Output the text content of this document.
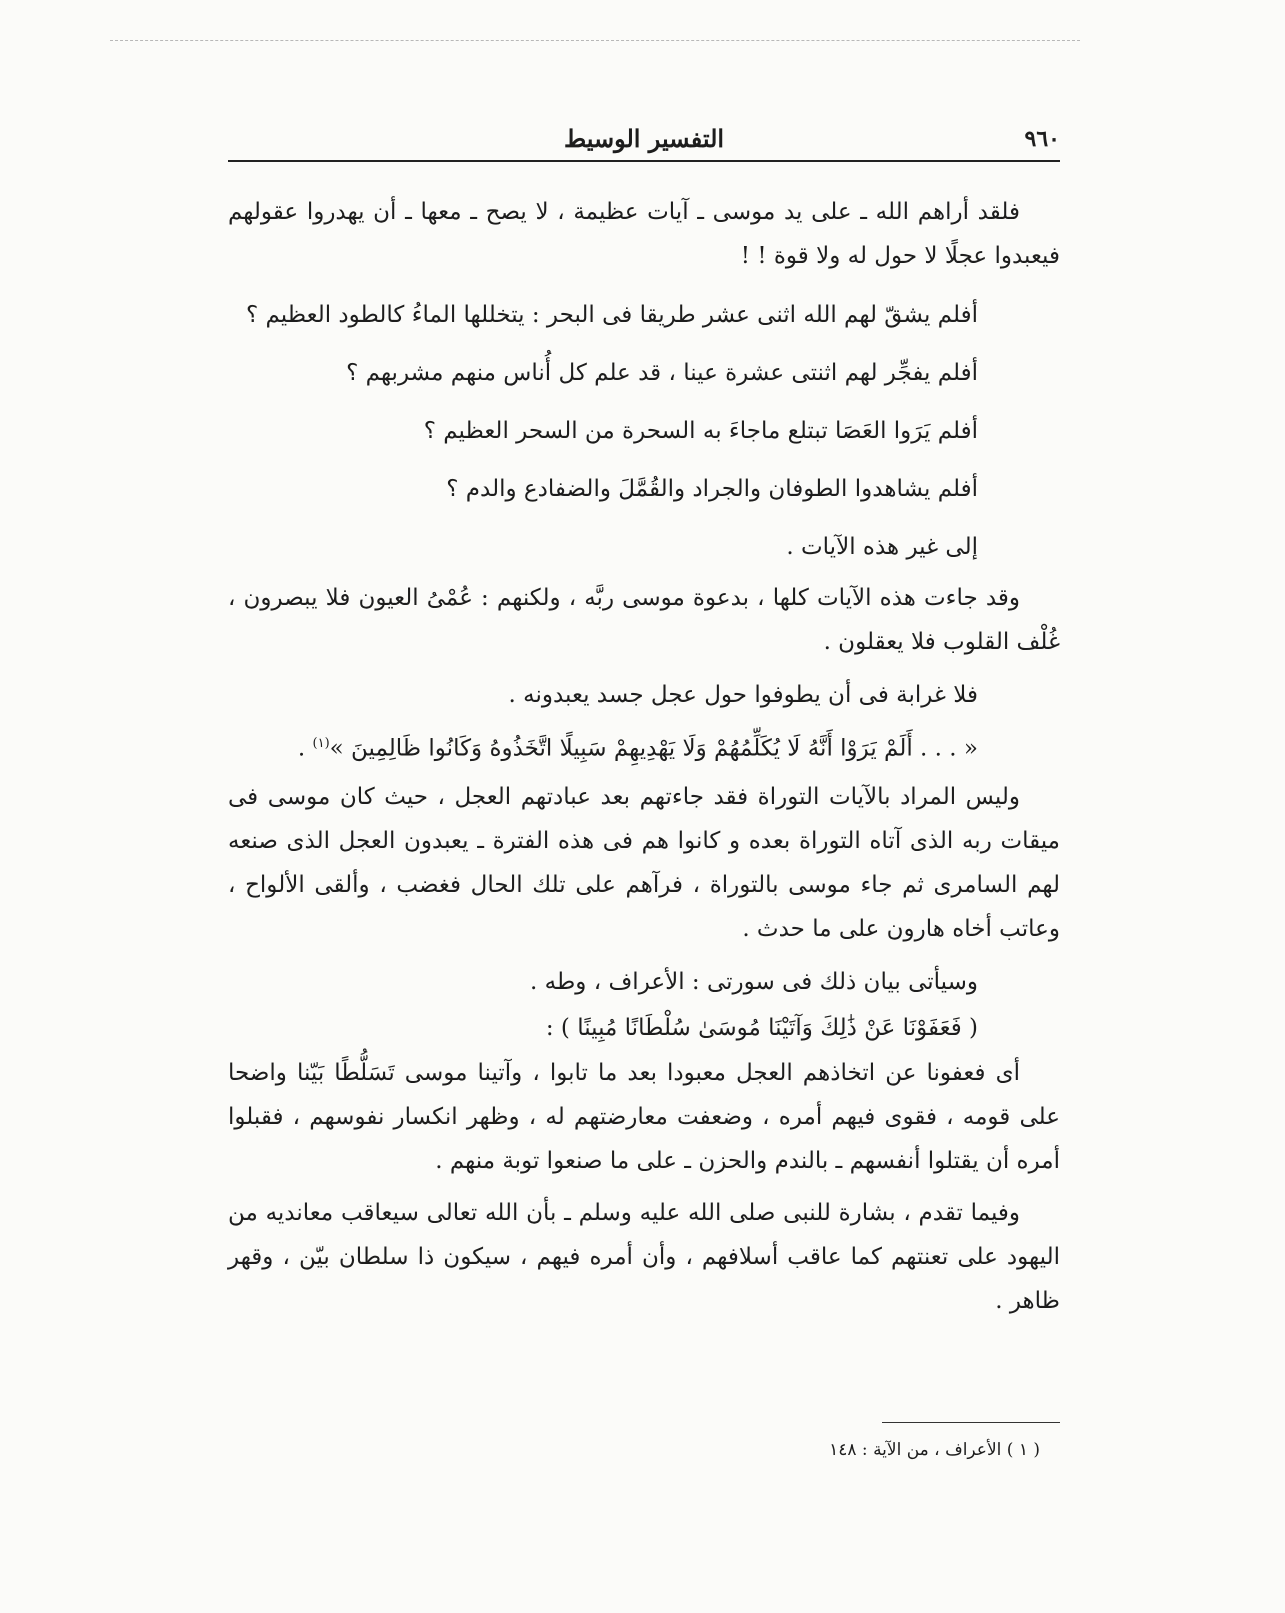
٩٦٠
التفسير الوسيط

فلقد أراهم الله ـ على يد موسى ـ آيات عظيمة ، لا يصح ـ معها ـ أن يهدروا عقولهم فيعبدوا عجلًا لا حول له ولا قوة ! !

أفلم يشقّ لهم الله اثنى عشر طريقا فى البحر : يتخللها الماءُ كالطود العظيم ؟

أفلم يفجِّر لهم اثنتى عشرة عينا ، قد علم كل أُناس منهم مشربهم ؟

أفلم يَرَوا العَصَا تبتلع ماجاءَ به السحرة من السحر العظيم ؟

أفلم يشاهدوا الطوفان والجراد والقُمَّلَ والضفادع والدم ؟

إلى غير هذه الآيات .

وقد جاءت هذه الآيات كلها ، بدعوة موسى ربَّه ، ولكنهم : عُمْىُ العيون فلا يبصرون ، غُلْف القلوب فلا يعقلون .

فلا غرابة فى أن يطوفوا حول عجل جسد يعبدونه .

« . . . أَلَمْ يَرَوْا أَنَّهُ لَا يُكَلِّمُهُمْ وَلَا يَهْدِيهِمْ سَبِيلًا اتَّخَذُوهُ وَكَانُوا ظَالِمِينَ »$^{(١)}$ .

وليس المراد بالآيات التوراة فقد جاءتهم بعد عبادتهم العجل ، حيث كان موسى فى ميقات ربه الذى آتاه التوراة بعده و كانوا هم فى هذه الفترة ـ يعبدون العجل الذى صنعه لهم السامرى ثم جاء موسى بالتوراة ، فرآهم على تلك الحال فغضب ، وألقى الألواح ، وعاتب أخاه هارون على ما حدث .

وسيأتى بيان ذلك فى سورتى : الأعراف ، وطه .

( فَعَفَوْنَا عَنْ ذَٰلِكَ وَآتَيْنَا مُوسَىٰ سُلْطَانًا مُبِينًا ) :

أى فعفونا عن اتخاذهم العجل معبودا بعد ما تابوا ، وآتينا موسى تَسَلُّطًا بَيّنا واضحا على قومه ، فقوى فيهم أمره ، وضعفت معارضتهم له ، وظهر انكسار نفوسهم ، فقبلوا أمره أن يقتلوا أنفسهم ـ بالندم والحزن ـ على ما صنعوا توبة منهم .

وفيما تقدم ، بشارة للنبى صلى الله عليه وسلم ـ بأن الله تعالى سيعاقب معانديه من اليهود على تعنتهم كما عاقب أسلافهم ، وأن أمره فيهم ، سيكون ذا سلطان بيّن ، وقهر ظاهر .

( ١ ) الأعراف ، من الآية : ١٤٨
